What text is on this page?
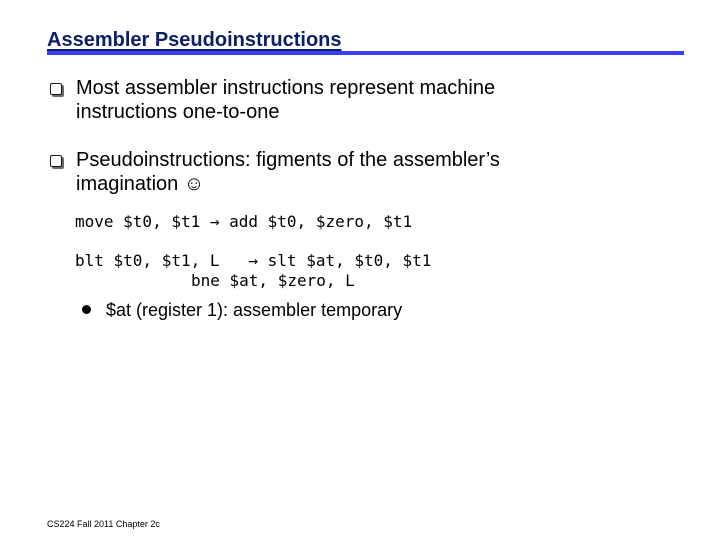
Assembler Pseudoinstructions
Most assembler instructions represent machine
instructions one-to-one
Pseudoinstructions: figments of the assembler’s
imagination ☺
move $t0, $t1 → add $t0, $zero, $t1
blt $t0, $t1, L   → slt $at, $t0, $t1
bne $at, $zero, L
$at (register 1): assembler temporary
CS224 Fall 2011 Chapter 2c
